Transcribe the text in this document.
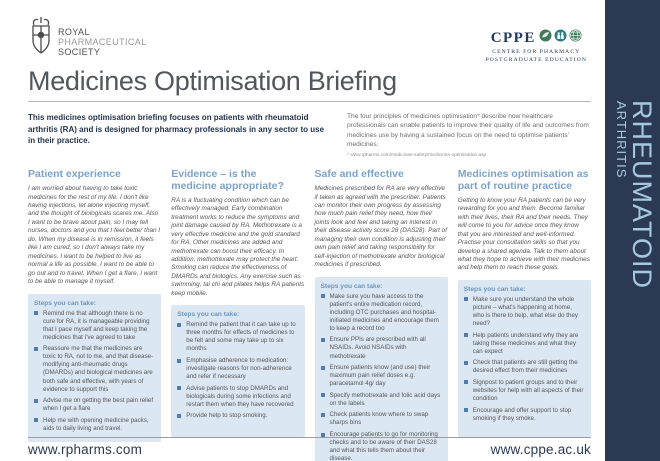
ROYAL
PHARMACEUTICAL
SOCIETY
CPPE
CENTRE FOR PHARMACY
POSTGRADUATE EDUCATION
Medicines Optimisation Briefing

This medicines optimisation briefing focuses on patients with rheumatoid arthritis (RA) and is designed for pharmacy professionals in any sector to use in their practice.

The four principles of medicines optimisation* describe how healthcare professionals can enable patients to improve their quality of life and outcomes from medicines use by having a sustained focus on the need to optimise patients' medicines.

* www.rpharms.com/medicines-safety/medicines-optimisation.asp

Patient experience

I am worried about having to take toxic medicines for the rest of my life. I don't like having injections, let alone injecting myself, and the thought of biologicals scares me. Also I want to be brave about pain, so I may tell nurses, doctors and you that I feel better than I do. When my disease is in remission, it feels like I am cured, so I don't always take my medicines. I want to be helped to live as normal a life as possible. I want to be able to go out and to travel. When I get a flare, I want to be able to manage it myself.

Steps you can take:

Remind me that although there is no cure for RA, it is manageable providing that I pace myself and keep taking the medicines that I've agreed to take
Reassure me that the medicines are toxic to RA, not to me, and that disease-modifying anti-rheumatic drugs (DMARDs) and biological medicines are both safe and effective, with years of evidence to support this
Advise me on getting the best pain relief when I get a flare
Help me with opening medicine packs, aids to daily living and travel.
Evidence – is the medicine appropriate?

RA is a fluctuating condition which can be effectively managed. Early combination treatment works to reduce the symptoms and joint damage caused by RA. Methotrexate is a very effective medicine and the gold standard for RA. Other medicines are added and methotrexate can boost their efficacy. In addition, methotrexate may protect the heart. Smoking can reduce the effectiveness of DMARDs and biologics. Any exercise such as swimming, tai chi and pilates helps RA patients keep mobile.

Steps you can take:

Remind the patient that it can take up to three months for effects of medicines to be felt and some may take up to six months
Emphasise adherence to medication: investigate reasons for non-adherence and refer if necessary
Advise patients to stop DMARDs and biologicals during some infections and restart them when they have recovered
Provide help to stop smoking.
Safe and effective

Medicines prescribed for RA are very effective if taken as agreed with the prescriber. Patients can monitor their own progress by assessing how much pain relief they need, how their joints look and feel and taking an interest in their disease activity score 28 (DAS28). Part of managing their own condition is adjusting their own pain relief and taking responsibility for self-injection of methotrexate and/or biological medicines if prescribed.

Steps you can take:

Make sure you have access to the patient's entire medication record, including OTC purchases and hospital-initiated medicines and encourage them to keep a record too
Ensure PPIs are prescribed with all NSAIDs. Avoid NSAIDs with methotrexate
Ensure patients know (and use) their maximum pain relief doses e.g. paracetamol 4g/ day
Specify methotrexate and folic acid days on the labels
Check patients know where to swap sharps bins
Encourage patients to go for monitoring checks and to be aware of their DAS28 and what this tells them about their disease.
Medicines optimisation as part of routine practice

Getting to know your RA patients can be very rewarding for you and them. Become familiar with their lives, their RA and their needs. They will come to you for advice once they know that you are interested and well-informed. Practise your consultation skills so that you develop a shared agenda. Talk to them about what they hope to achieve with their medicines and help them to reach these goals.

Steps you can take:

Make sure you understand the whole picture – what's happening at home, who is there to help, what else do they need?
Help patients understand why they are taking these medicines and what they can expect
Check that patients are still getting the desired effect from their medicines
Signpost to patient groups and to their websites for help with all aspects of their condition
Encourage and offer support to stop smoking if they smoke.
www.rpharms.com	www.cppe.ac.uk
RHEUMATOID
ARTHRITIS
